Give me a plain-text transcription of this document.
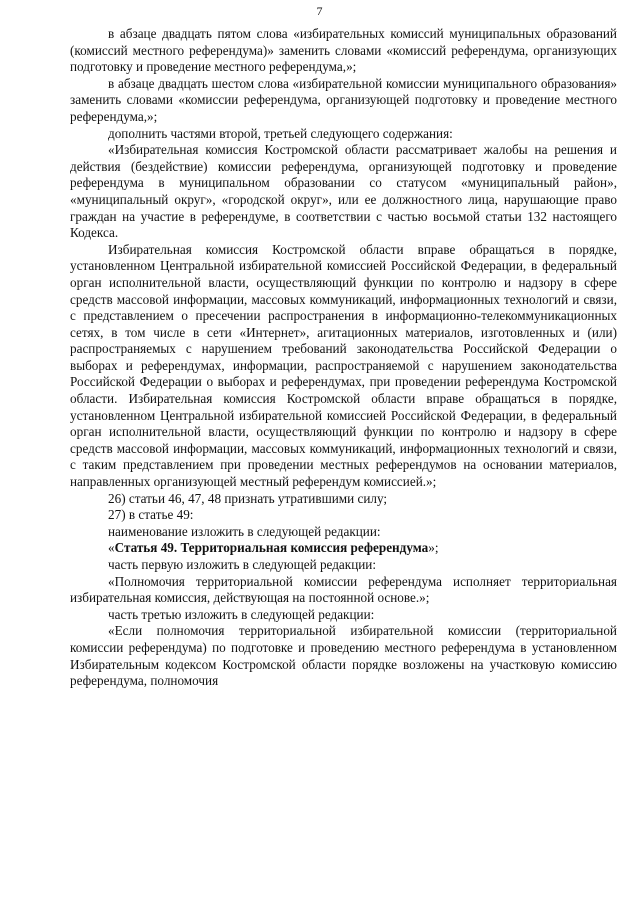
7

в абзаце двадцать пятом слова «избирательных комиссий муниципальных образований (комиссий местного референдума)» заменить словами «комиссий референдума, организующих подготовку и проведение местного референдума,»;

в абзаце двадцать шестом слова «избирательной комиссии муниципального образования» заменить словами «комиссии референдума, организующей подготовку и проведение местного референдума,»;

дополнить частями второй, третьей следующего содержания:

«Избирательная комиссия Костромской области рассматривает жалобы на решения и действия (бездействие) комиссии референдума, организующей подготовку и проведение референдума в муниципальном образовании со статусом «муниципальный район», «муниципальный округ», «городской округ», или ее должностного лица, нарушающие право граждан на участие в референдуме, в соответствии с частью восьмой статьи 132 настоящего Кодекса.

Избирательная комиссия Костромской области вправе обращаться в порядке, установленном Центральной избирательной комиссией Российской Федерации, в федеральный орган исполнительной власти, осуществляющий функции по контролю и надзору в сфере средств массовой информации, массовых коммуникаций, информационных технологий и связи, с представлением о пресечении распространения в информационно-телекоммуникационных сетях, в том числе в сети «Интернет», агитационных материалов, изготовленных и (или) распространяемых с нарушением требований законодательства Российской Федерации о выборах и референдумах, информации, распространяемой с нарушением законодательства Российской Федерации о выборах и референдумах, при проведении референдума Костромской области. Избирательная комиссия Костромской области вправе обращаться в порядке, установленном Центральной избирательной комиссией Российской Федерации, в федеральный орган исполнительной власти, осуществляющий функции по контролю и надзору в сфере средств массовой информации, массовых коммуникаций, информационных технологий и связи, с таким представлением при проведении местных референдумов на основании материалов, направленных организующей местный референдум комиссией.»;

26) статьи 46, 47, 48 признать утратившими силу;

27) в статье 49:

наименование изложить в следующей редакции:

«Статья 49. Территориальная комиссия референдума»;

часть первую изложить в следующей редакции:

«Полномочия территориальной комиссии референдума исполняет территориальная избирательная комиссия, действующая на постоянной основе.»;

часть третью изложить в следующей редакции:

«Если полномочия территориальной избирательной комиссии (территориальной комиссии референдума) по подготовке и проведению местного референдума в установленном Избирательным кодексом Костромской области порядке возложены на участковую комиссию референдума, полномочия
